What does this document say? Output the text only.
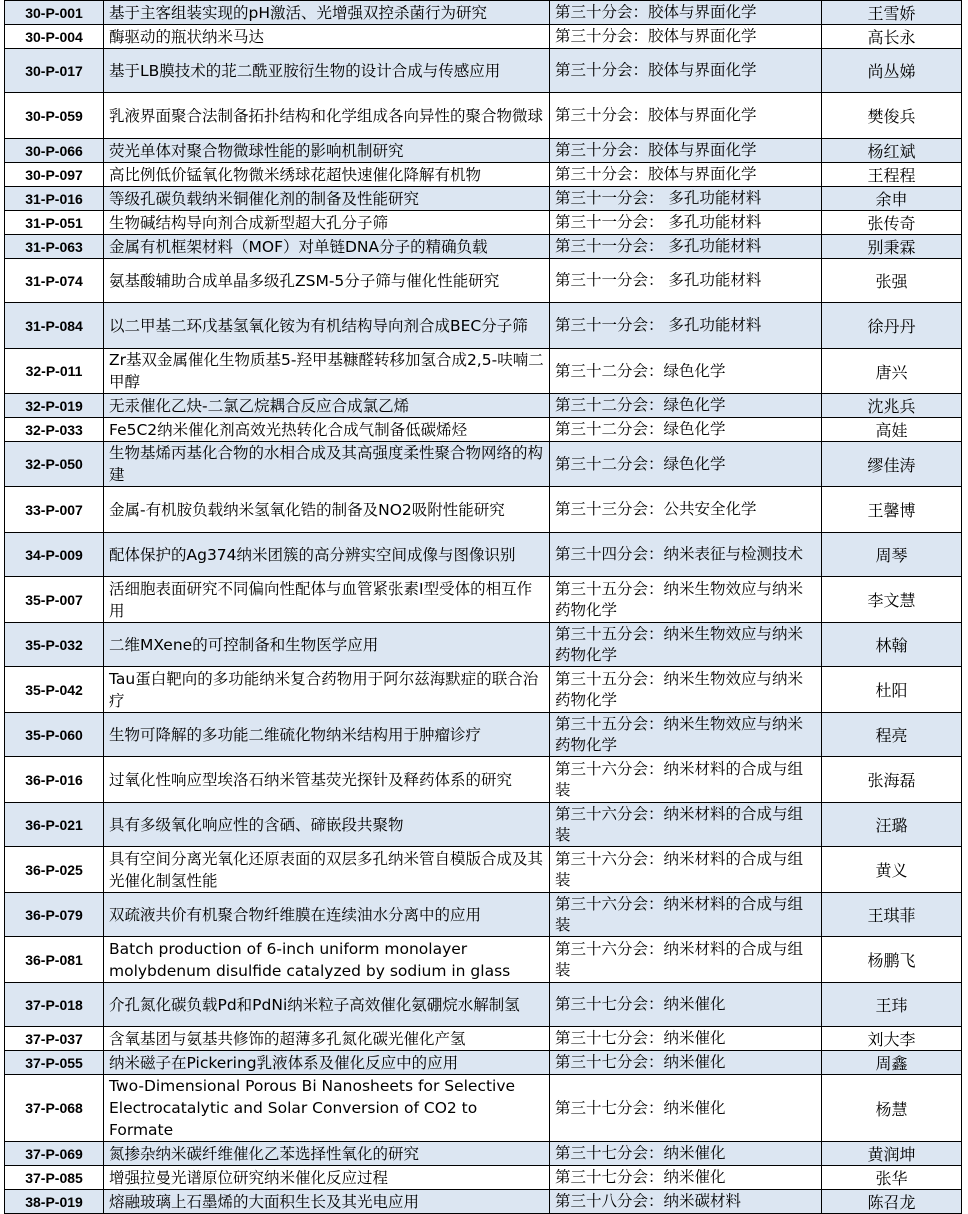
30-P-001	基于主客组装实现的pH激活、光增强双控杀菌行为研究	第三十分会：胶体与界面化学	王雪娇
30-P-004	酶驱动的瓶状纳米马达	第三十分会：胶体与界面化学	高长永
30-P-017	基于LB膜技术的苝二酰亚胺衍生物的设计合成与传感应用	第三十分会：胶体与界面化学	尚丛娣
30-P-059	乳液界面聚合法制备拓扑结构和化学组成各向异性的聚合物微球	第三十分会：胶体与界面化学	樊俊兵
30-P-066	荧光单体对聚合物微球性能的影响机制研究	第三十分会：胶体与界面化学	杨红斌
30-P-097	高比例低价锰氧化物微米绣球花超快速催化降解有机物	第三十分会：胶体与界面化学	王程程
31-P-016	等级孔碳负载纳米铜催化剂的制备及性能研究	第三十一分会： 多孔功能材料	余申
31-P-051	生物碱结构导向剂合成新型超大孔分子筛	第三十一分会： 多孔功能材料	张传奇
31-P-063	金属有机框架材料（MOF）对单链DNA分子的精确负载	第三十一分会： 多孔功能材料	别秉霖
31-P-074	氨基酸辅助合成单晶多级孔ZSM-5分子筛与催化性能研究	第三十一分会： 多孔功能材料	张强
31-P-084	以二甲基二环戊基氢氧化铵为有机结构导向剂合成BEC分子筛	第三十一分会： 多孔功能材料	徐丹丹
32-P-011	Zr基双金属催化生物质基5-羟甲基糠醛转移加氢合成2,5-呋喃二甲醇	第三十二分会：绿色化学	唐兴
32-P-019	无汞催化乙炔-二氯乙烷耦合反应合成氯乙烯	第三十二分会：绿色化学	沈兆兵
32-P-033	Fe5C2纳米催化剂高效光热转化合成气制备低碳烯烃	第三十二分会：绿色化学	高娃
32-P-050	生物基烯丙基化合物的水相合成及其高强度柔性聚合物网络的构建	第三十二分会：绿色化学	缪佳涛
33-P-007	金属-有机胺负载纳米氢氧化锆的制备及NO2吸附性能研究	第三十三分会：公共安全化学	王馨博
34-P-009	配体保护的Ag374纳米团簇的高分辨实空间成像与图像识别	第三十四分会：纳米表征与检测技术	周琴
35-P-007	活细胞表面研究不同偏向性配体与血管紧张素I型受体的相互作用	第三十五分会：纳米生物效应与纳米药物化学	李文慧
35-P-032	二维MXene的可控制备和生物医学应用	第三十五分会：纳米生物效应与纳米药物化学	林翰
35-P-042	Tau蛋白靶向的多功能纳米复合药物用于阿尔兹海默症的联合治疗	第三十五分会：纳米生物效应与纳米药物化学	杜阳
35-P-060	生物可降解的多功能二维硫化物纳米结构用于肿瘤诊疗	第三十五分会：纳米生物效应与纳米药物化学	程亮
36-P-016	过氧化性响应型埃洛石纳米管基荧光探针及释药体系的研究	第三十六分会：纳米材料的合成与组装	张海磊
36-P-021	具有多级氧化响应性的含硒、碲嵌段共聚物	第三十六分会：纳米材料的合成与组装	汪璐
36-P-025	具有空间分离光氧化还原表面的双层多孔纳米管自模版合成及其光催化制氢性能	第三十六分会：纳米材料的合成与组装	黄义
36-P-079	双疏液共价有机聚合物纤维膜在连续油水分离中的应用	第三十六分会：纳米材料的合成与组装	王琪菲
36-P-081	Batch production of 6-inch uniform monolayer molybdenum disulfide catalyzed by sodium in glass	第三十六分会：纳米材料的合成与组装	杨鹏飞
37-P-018	介孔氮化碳负载Pd和PdNi纳米粒子高效催化氨硼烷水解制氢	第三十七分会：纳米催化	王玮
37-P-037	含氧基团与氨基共修饰的超薄多孔氮化碳光催化产氢	第三十七分会：纳米催化	刘大李
37-P-055	纳米磁子在Pickering乳液体系及催化反应中的应用	第三十七分会：纳米催化	周鑫
37-P-068	Two-Dimensional Porous Bi Nanosheets for Selective Electrocatalytic and Solar Conversion of CO2 to Formate	第三十七分会：纳米催化	杨慧
37-P-069	氮掺杂纳米碳纤维催化乙苯选择性氧化的研究	第三十七分会：纳米催化	黄润坤
37-P-085	增强拉曼光谱原位研究纳米催化反应过程	第三十七分会：纳米催化	张华
38-P-019	熔融玻璃上石墨烯的大面积生长及其光电应用	第三十八分会：纳米碳材料	陈召龙
